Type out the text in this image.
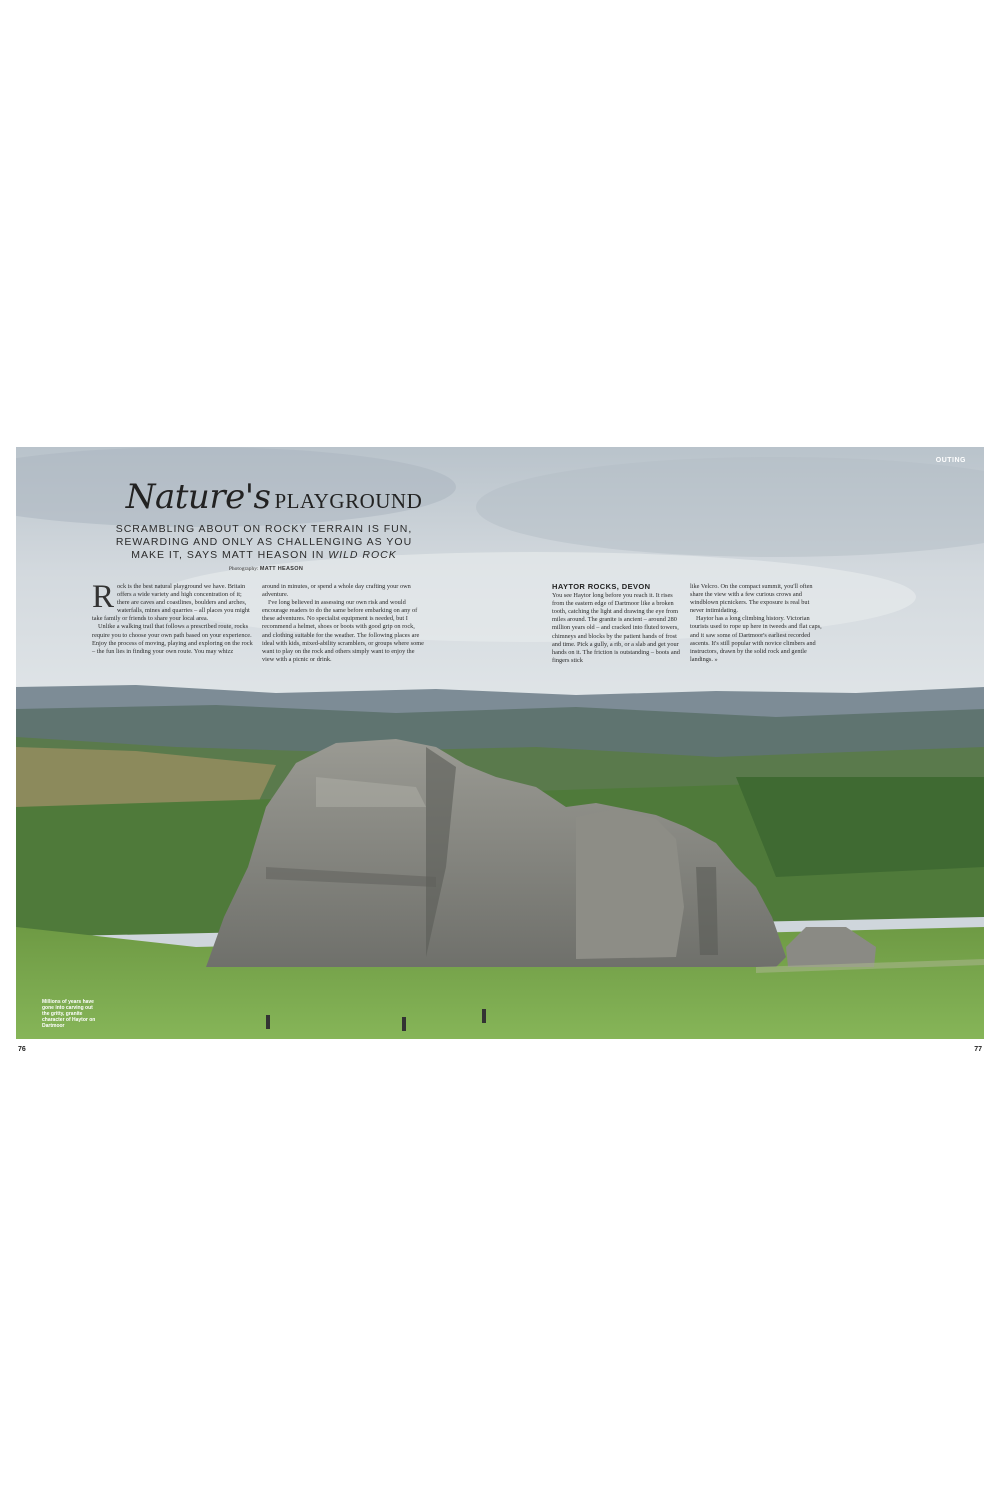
OUTING
Nature's PLAYGROUND
SCRAMBLING ABOUT ON ROCKY TERRAIN IS FUN,
REWARDING AND ONLY AS CHALLENGING AS YOU
MAKE IT, SAYS MATT HEASON IN WILD ROCK
Photography: MATT HEASON

Rock is the best natural playground we have. Britain offers a wide variety and high concentration of it; there are caves and coastlines, boulders and arches, waterfalls, mines and quarries – all places you might take family or friends to share your local area.

Unlike a walking trail that follows a prescribed route, rocks require you to choose your own path based on your experience. Enjoy the process of moving, playing and exploring on the rock – the fun lies in finding your own route. You may whizz

around in minutes, or spend a whole day crafting your own adventure.

I've long believed in assessing our own risk and would encourage readers to do the same before embarking on any of these adventures. No specialist equipment is needed, but I recommend a helmet, shoes or boots with good grip on rock, and clothing suitable for the weather. The following places are ideal with kids, mixed-ability scramblers, or groups where some want to play on the rock and others simply want to enjoy the view with a picnic or drink.

HAYTOR ROCKS, DEVON

You see Haytor long before you reach it. It rises from the eastern edge of Dartmoor like a broken tooth, catching the light and drawing the eye from miles around. The granite is ancient – around 280 million years old – and cracked into fluted towers, chimneys and blocks by the patient hands of frost and time. Pick a gully, a rib, or a slab and get your hands on it. The friction is outstanding – boots and fingers stick

like Velcro. On the compact summit, you'll often share the view with a few curious crows and windblown picnickers. The exposure is real but never intimidating.

Haytor has a long climbing history. Victorian tourists used to rope up here in tweeds and flat caps, and it saw some of Dartmoor's earliest recorded ascents. It's still popular with novice climbers and instructors, drawn by the solid rock and gentle landings. »

Millions of years have gone into carving out the gritty, granite character of Haytor on Dartmoor
76	77
